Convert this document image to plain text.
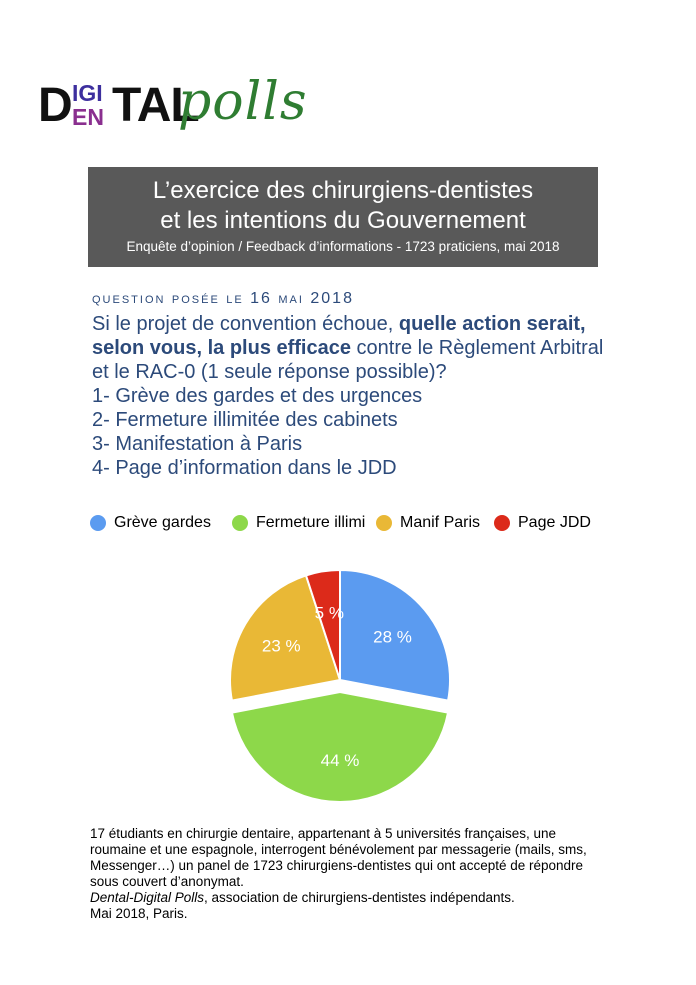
D IGI
EN TAL
polls
L’exercice des chirurgiens-dentistes
et les intentions du Gouvernement
Enquête d’opinion / Feedback d’informations - 1723 praticiens, mai 2018
question posée le 16 mai 2018
Si le projet de convention échoue, quelle action serait, selon vous, la plus efficace contre le Règlement Arbitral et le RAC-0 (1 seule réponse possible)?
1- Grève des gardes et des urgences
2- Fermeture illimitée des cabinets
3- Manifestation à Paris
4- Page d’information dans le JDD
Grève gardes	Fermeture illimi Manif Paris Page JDD
28 %
44 %
23 %
5 %
17 étudiants en chirurgie dentaire, appartenant à 5 universités françaises, une roumaine et une espagnole, interrogent bénévolement par messagerie (mails, sms, Messenger…) un panel de 1723 chirurgiens-dentistes qui ont accepté de répondre sous couvert d’anonymat.
Dental-Digital Polls, association de chirurgiens-dentistes indépendants.
Mai 2018, Paris.
